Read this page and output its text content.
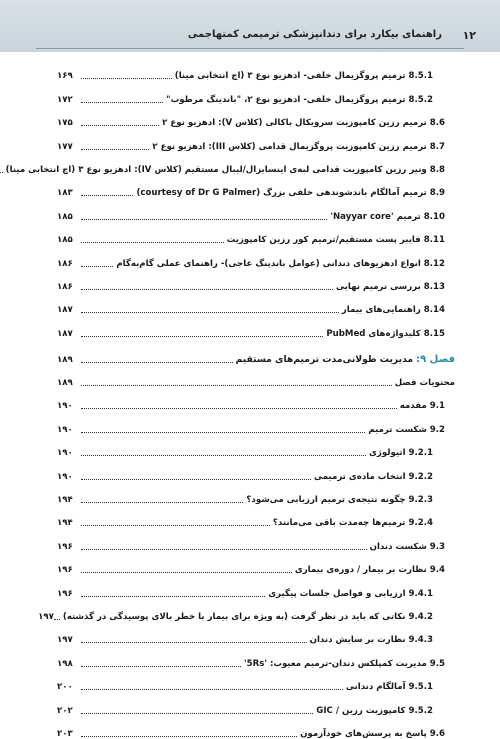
راهنمای بیکارد برای دندانپزشکی ترمیمی کمتهاجمی ۱۲
8.5.1 ترمیم پروگزیمال خلفی- ادهزیو نوع ۳ (اچ انتخابی مینا)
۱۶۹
8.5.2 ترمیم پروگزیمال خلفی- ادهزیو نوع ۲، "باندینگ مرطوب"
۱۷۲
8.6 ترمیم رزین کامپوزیت سرویکال باکالی (کلاس V): ادهزیو نوع ۲
۱۷۵
8.7 ترمیم رزین کامپوزیت پروگزیمال قدامی (کلاس III): ادهزیو نوع ۲
۱۷۷
8.8 ونیر رزین کامپوزیت قدامی لبه‌ی اینسایزال/لیبال مستقیم (کلاس IV): ادهزیو نوع ۳ (اچ انتخابی مینا)
8.9 ترمیم آمالگام باندشوندهی خلفی بزرگ (courtesy of Dr G Palmer)
۱۸۳
8.10 ترمیم 'Nayyar core'
۱۸۵
8.11 فایبر پست مستقیم/ترمیم کور رزین کامپوزیت
۱۸۵
8.12 انواع ادهزیوهای دندانی (عوامل باندینگ عاجی)- راهنمای عملی گام‌به‌گام
۱۸۶
8.13 بررسی ترمیم نهایی
۱۸۶
8.14 راهنمایی‌های بیمار
۱۸۷
8.15 کلیدواژه‌های PubMed
۱۸۷
فصل ۹:مدیریت طولانی‌مدت ترمیم‌های مستقیم
۱۸۹
محتویات فصل
۱۸۹
9.1 مقدمه
۱۹۰
9.2 شکست ترمیم
۱۹۰
9.2.1 اتیولوژی
۱۹۰
9.2.2 انتخاب ماده‌ی ترمیمی
۱۹۰
9.2.3 چگونه نتیجه‌ی ترمیم ارزیابی می‌شود؟
۱۹۴
9.2.4 ترمیم‌ها چه‌مدت باقی می‌مانند؟
۱۹۴
9.3 شکست دندان
۱۹۶
9.4 نظارت بر بیمار / دوره‌ی بیماری
۱۹۶
9.4.1 ارزیابی و فواصل جلسات پیگیری
۱۹۶
9.4.2 نکاتی که باید در نظر گرفت (به ویژه برای بیمار با خطر بالای پوسیدگی در گذشته)
۱۹۷
9.4.3 نظارت بر سایش دندان
۱۹۷
9.5 مدیریت کمپلکس دندان-ترمیم معیوب: '5Rs'
۱۹۸
9.5.1 آمالگام دندانی
۲۰۰
9.5.2 کامپوزیت رزین / GIC
۲۰۲
9.6 پاسخ به پرسش‌های خودآزمون
۲۰۳
